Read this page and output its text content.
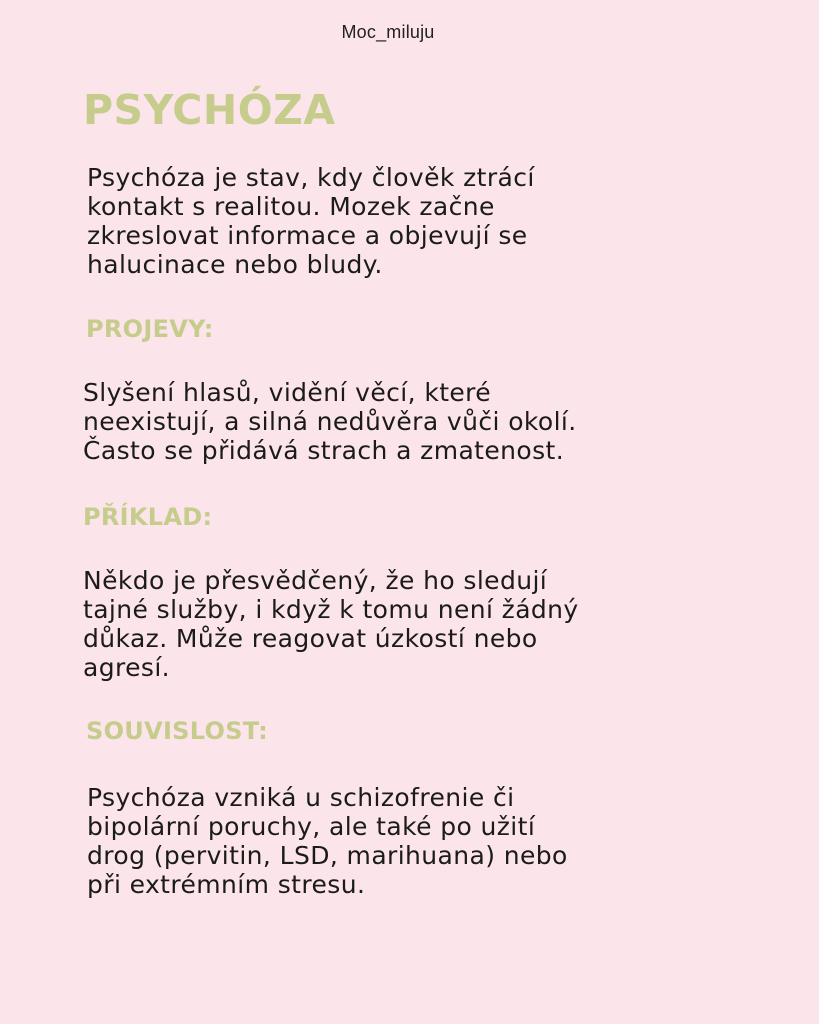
Moc_miluju
PSYCHÓZA
Psychóza je stav, kdy člověk ztrácí
kontakt s realitou. Mozek začne
zkreslovat informace a objevují se
halucinace nebo bludy.
PROJEVY:
Slyšení hlasů, vidění věcí, které
neexistují, a silná nedůvěra vůči okolí.
Často se přidává strach a zmatenost.
PŘÍKLAD:
Někdo je přesvědčený, že ho sledují
tajné služby, i když k tomu není žádný
důkaz. Může reagovat úzkostí nebo
agresí.
SOUVISLOST:
Psychóza vzniká u schizofrenie či
bipolární poruchy, ale také po užití
drog (pervitin, LSD, marihuana) nebo
při extrémním stresu.
